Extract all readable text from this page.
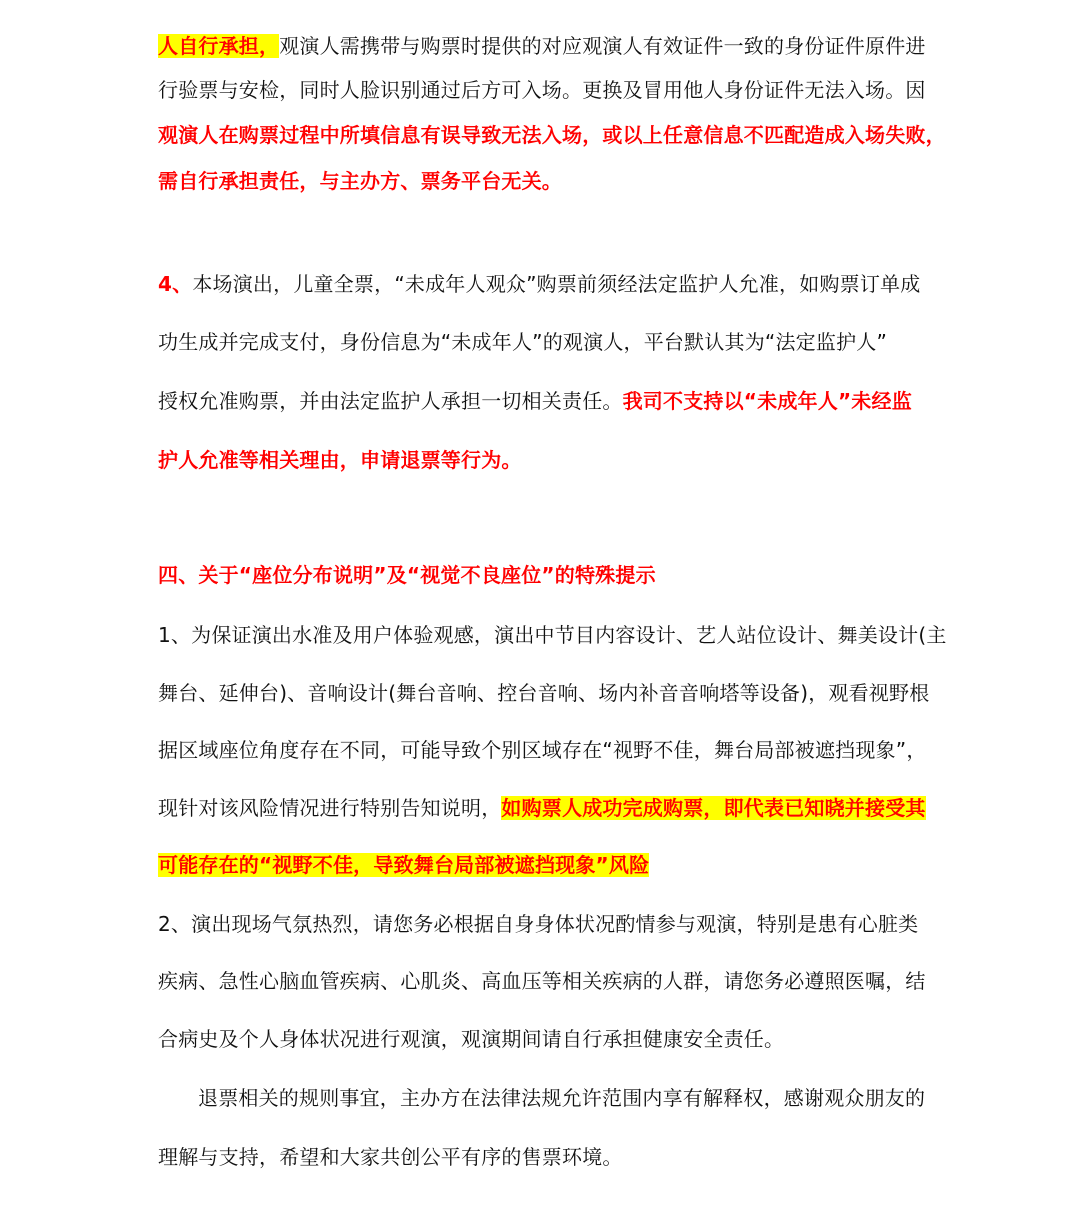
人自行承担，观演人需携带与购票时提供的对应观演人有效证件一致的身份证件原件进
行验票与安检，同时人脸识别通过后方可入场。更换及冒用他人身份证件无法入场。因
观演人在购票过程中所填信息有误导致无法入场，或以上任意信息不匹配造成入场失败，
需自行承担责任，与主办方、票务平台无关。
4、本场演出，儿童全票，“未成年人观众”购票前须经法定监护人允准，如购票订单成
功生成并完成支付，身份信息为“未成年人”的观演人，平台默认其为“法定监护人”
授权允准购票，并由法定监护人承担一切相关责任。我司不支持以“未成年人”未经监
护人允准等相关理由，申请退票等行为。
四、关于“座位分布说明”及“视觉不良座位”的特殊提示
1、为保证演出水准及用户体验观感，演出中节目内容设计、艺人站位设计、舞美设计(主
舞台、延伸台)、音响设计(舞台音响、控台音响、场内补音音响塔等设备)，观看视野根
据区域座位角度存在不同，可能导致个别区域存在“视野不佳，舞台局部被遮挡现象”，
现针对该风险情况进行特别告知说明，如购票人成功完成购票，即代表已知晓并接受其
可能存在的“视野不佳，导致舞台局部被遮挡现象”风险
2、演出现场气氛热烈，请您务必根据自身身体状况酌情参与观演，特别是患有心脏类
疾病、急性心脑血管疾病、心肌炎、高血压等相关疾病的人群，请您务必遵照医嘱，结
合病史及个人身体状况进行观演，观演期间请自行承担健康安全责任。
退票相关的规则事宜，主办方在法律法规允许范围内享有解释权，感谢观众朋友的
理解与支持，希望和大家共创公平有序的售票环境。
